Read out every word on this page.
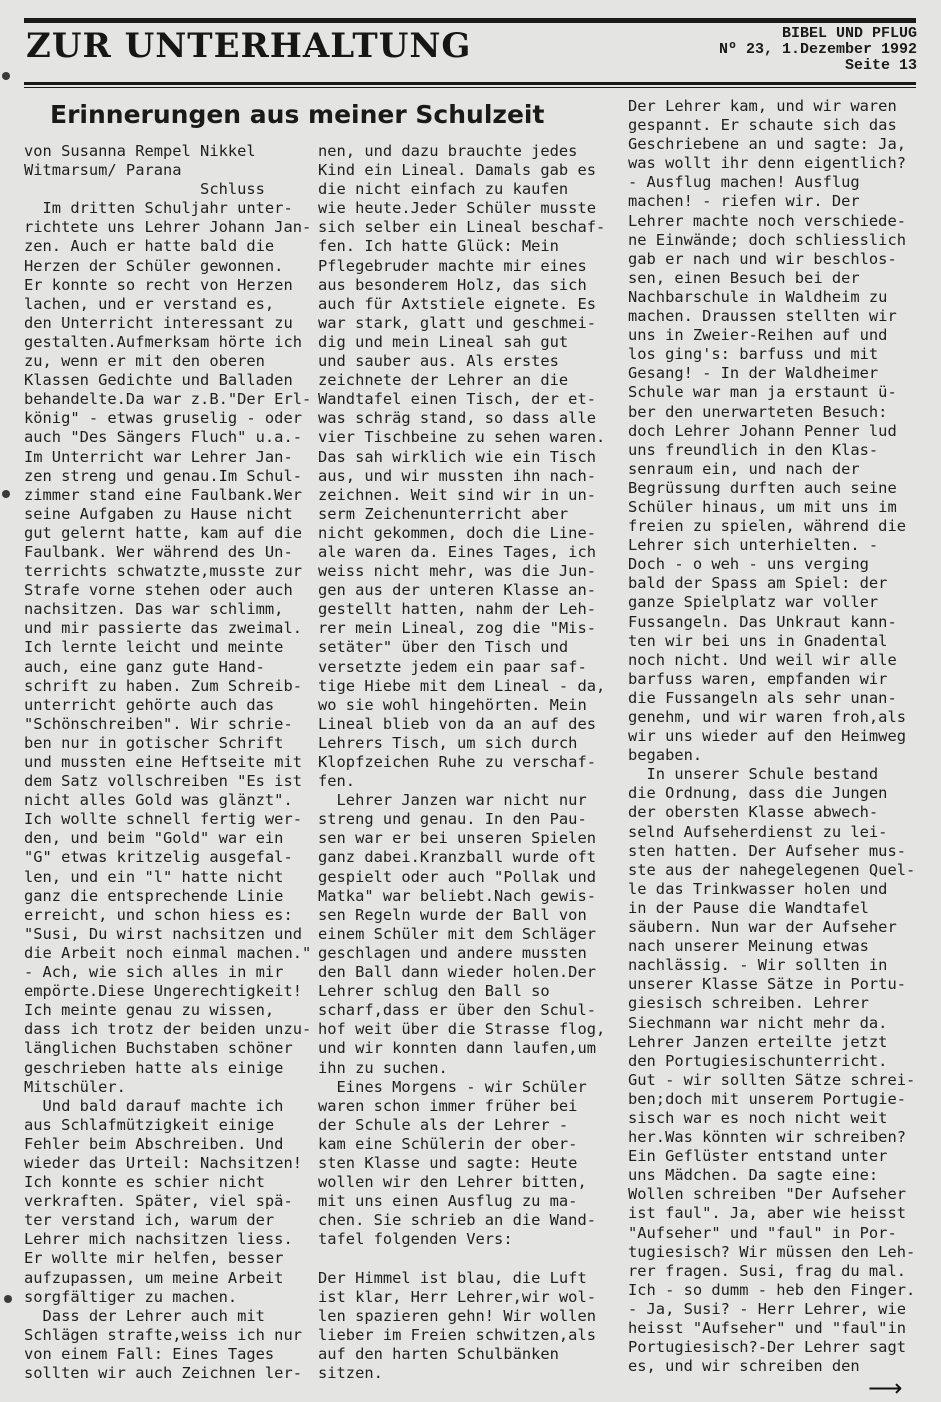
ZUR UNTERHALTUNG	BIBEL UND PFLUG
Nº 23, 1.Dezember 1992
Seite 13
Erinnerungen aus meiner Schulzeit
von Susanna Rempel Nikkel
Witmarsum/ Parana
Schluss
Im dritten Schuljahr unter-
richtete uns Lehrer Johann Jan-
zen. Auch er hatte bald die
Herzen der Schüler gewonnen.
Er konnte so recht von Herzen
lachen, und er verstand es,
den Unterricht interessant zu
gestalten.Aufmerksam hörte ich
zu, wenn er mit den oberen
Klassen Gedichte und Balladen
behandelte.Da war z.B."Der Erl-
könig" - etwas gruselig - oder
auch "Des Sängers Fluch" u.a.-
Im Unterricht war Lehrer Jan-
zen streng und genau.Im Schul-
zimmer stand eine Faulbank.Wer
seine Aufgaben zu Hause nicht
gut gelernt hatte, kam auf die
Faulbank. Wer während des Un-
terrichts schwatzte,musste zur
Strafe vorne stehen oder auch
nachsitzen. Das war schlimm,
und mir passierte das zweimal.
Ich lernte leicht und meinte
auch, eine ganz gute Hand-
schrift zu haben. Zum Schreib-
unterricht gehörte auch das
"Schönschreiben". Wir schrie-
ben nur in gotischer Schrift
und mussten eine Heftseite mit
dem Satz vollschreiben "Es ist
nicht alles Gold was glänzt".
Ich wollte schnell fertig wer-
den, und beim "Gold" war ein
"G" etwas kritzelig ausgefal-
len, und ein "l" hatte nicht
ganz die entsprechende Linie
erreicht, und schon hiess es:
"Susi, Du wirst nachsitzen und
die Arbeit noch einmal machen."
- Ach, wie sich alles in mir
empörte.Diese Ungerechtigkeit!
Ich meinte genau zu wissen,
dass ich trotz der beiden unzu-
länglichen Buchstaben schöner
geschrieben hatte als einige
Mitschüler.
Und bald darauf machte ich
aus Schlafmützigkeit einige
Fehler beim Abschreiben. Und
wieder das Urteil: Nachsitzen!
Ich konnte es schier nicht
verkraften. Später, viel spä-
ter verstand ich, warum der
Lehrer mich nachsitzen liess.
Er wollte mir helfen, besser
aufzupassen, um meine Arbeit
sorgfältiger zu machen.
Dass der Lehrer auch mit
Schlägen strafte,weiss ich nur
von einem Fall: Eines Tages
sollten wir auch Zeichnen ler-
nen, und dazu brauchte jedes
Kind ein Lineal. Damals gab es
die nicht einfach zu kaufen
wie heute.Jeder Schüler musste
sich selber ein Lineal beschaf-
fen. Ich hatte Glück: Mein
Pflegebruder machte mir eines
aus besonderem Holz, das sich
auch für Axtstiele eignete. Es
war stark, glatt und geschmei-
dig und mein Lineal sah gut
und sauber aus. Als erstes
zeichnete der Lehrer an die
Wandtafel einen Tisch, der et-
was schräg stand, so dass alle
vier Tischbeine zu sehen waren.
Das sah wirklich wie ein Tisch
aus, und wir mussten ihn nach-
zeichnen. Weit sind wir in un-
serm Zeichenunterricht aber
nicht gekommen, doch die Line-
ale waren da. Eines Tages, ich
weiss nicht mehr, was die Jun-
gen aus der unteren Klasse an-
gestellt hatten, nahm der Leh-
rer mein Lineal, zog die "Mis-
setäter" über den Tisch und
versetzte jedem ein paar saf-
tige Hiebe mit dem Lineal - da,
wo sie wohl hingehörten. Mein
Lineal blieb von da an auf des
Lehrers Tisch, um sich durch
Klopfzeichen Ruhe zu verschaf-
fen.
Lehrer Janzen war nicht nur
streng und genau. In den Pau-
sen war er bei unseren Spielen
ganz dabei.Kranzball wurde oft
gespielt oder auch "Pollak und
Matka" war beliebt.Nach gewis-
sen Regeln wurde der Ball von
einem Schüler mit dem Schläger
geschlagen und andere mussten
den Ball dann wieder holen.Der
Lehrer schlug den Ball so
scharf,dass er über den Schul-
hof weit über die Strasse flog,
und wir konnten dann laufen,um
ihn zu suchen.
Eines Morgens - wir Schüler
waren schon immer früher bei
der Schule als der Lehrer -
kam eine Schülerin der ober-
sten Klasse und sagte: Heute
wollen wir den Lehrer bitten,
mit uns einen Ausflug zu ma-
chen. Sie schrieb an die Wand-
tafel folgenden Vers:

Der Himmel ist blau, die Luft
ist klar, Herr Lehrer,wir wol-
len spazieren gehn! Wir wollen
lieber im Freien schwitzen,als
auf den harten Schulbänken
sitzen.
Der Lehrer kam, und wir waren
gespannt. Er schaute sich das
Geschriebene an und sagte: Ja,
was wollt ihr denn eigentlich?
- Ausflug machen! Ausflug
machen! - riefen wir. Der
Lehrer machte noch verschiede-
ne Einwände; doch schliesslich
gab er nach und wir beschlos-
sen, einen Besuch bei der
Nachbarschule in Waldheim zu
machen. Draussen stellten wir
uns in Zweier-Reihen auf und
los ging's: barfuss und mit
Gesang! - In der Waldheimer
Schule war man ja erstaunt ü-
ber den unerwarteten Besuch:
doch Lehrer Johann Penner lud
uns freundlich in den Klas-
senraum ein, und nach der
Begrüssung durften auch seine
Schüler hinaus, um mit uns im
freien zu spielen, während die
Lehrer sich unterhielten. -
Doch - o weh - uns verging
bald der Spass am Spiel: der
ganze Spielplatz war voller
Fussangeln. Das Unkraut kann-
ten wir bei uns in Gnadental
noch nicht. Und weil wir alle
barfuss waren, empfanden wir
die Fussangeln als sehr unan-
genehm, und wir waren froh,als
wir uns wieder auf den Heimweg
begaben.
In unserer Schule bestand
die Ordnung, dass die Jungen
der obersten Klasse abwech-
selnd Aufseherdienst zu lei-
sten hatten. Der Aufseher mus-
ste aus der nahegelegenen Quel-
le das Trinkwasser holen und
in der Pause die Wandtafel
säubern. Nun war der Aufseher
nach unserer Meinung etwas
nachlässig. - Wir sollten in
unserer Klasse Sätze in Portu-
giesisch schreiben. Lehrer
Siechmann war nicht mehr da.
Lehrer Janzen erteilte jetzt
den Portugiesischunterricht.
Gut - wir sollten Sätze schrei-
ben;doch mit unserem Portugie-
sisch war es noch nicht weit
her.Was könnten wir schreiben?
Ein Geflüster entstand unter
uns Mädchen. Da sagte eine:
Wollen schreiben "Der Aufseher
ist faul". Ja, aber wie heisst
"Aufseher" und "faul" in Por-
tugiesisch? Wir müssen den Leh-
rer fragen. Susi, frag du mal.
Ich - so dumm - heb den Finger.
- Ja, Susi? - Herr Lehrer, wie
heisst "Aufseher" und "faul"in
Portugiesisch?-Der Lehrer sagt
es, und wir schreiben den
⟶
